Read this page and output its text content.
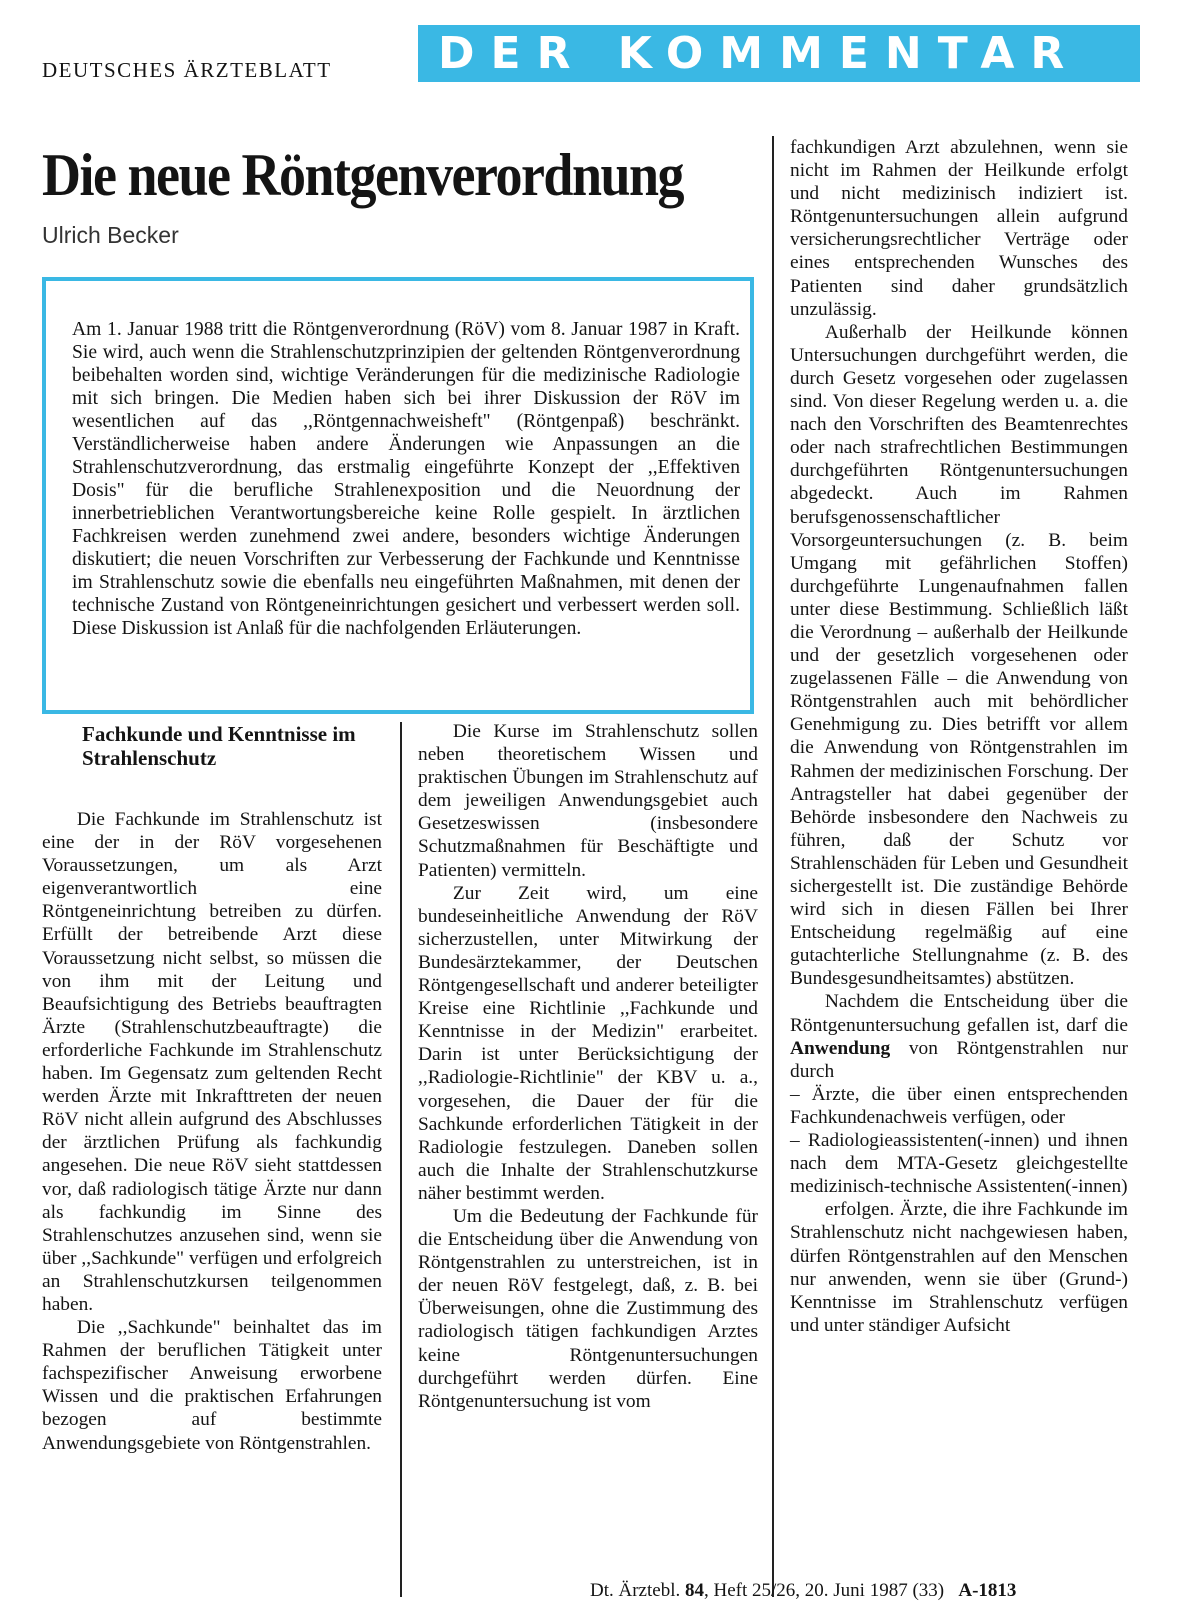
DEUTSCHES ÄRZTEBLATT DER KOMMENTAR
Die neue Röntgenverordnung
Ulrich Becker

Am 1. Januar 1988 tritt die Röntgenverordnung (RöV) vom 8. Januar 1987 in Kraft. Sie wird, auch wenn die Strahlenschutzprinzipien der geltenden Röntgenverordnung beibehalten worden sind, wichtige Veränderungen für die medizinische Radiologie mit sich bringen. Die Medien haben sich bei ihrer Diskussion der RöV im wesentlichen auf das ,,Röntgennachweisheft" (Röntgenpaß) beschränkt. Verständlicherweise haben andere Änderungen wie Anpassungen an die Strahlenschutzverordnung, das erstmalig eingeführte Konzept der ,,Effektiven Dosis" für die berufliche Strahlenexposition und die Neuordnung der innerbetrieblichen Verantwortungsbereiche keine Rolle gespielt. In ärztlichen Fachkreisen werden zunehmend zwei andere, besonders wichtige Änderungen diskutiert; die neuen Vorschriften zur Verbesserung der Fachkunde und Kenntnisse im Strahlenschutz sowie die ebenfalls neu eingeführten Maßnahmen, mit denen der technische Zustand von Röntgeneinrichtungen gesichert und verbessert werden soll. Diese Diskussion ist Anlaß für die nachfolgenden Erläuterungen.

Fachkunde und Kenntnisse im Strahlenschutz

Die Fachkunde im Strahlenschutz ist eine der in der RöV vorgesehenen Voraussetzungen, um als Arzt eigenverantwortlich eine Röntgeneinrichtung betreiben zu dürfen. Erfüllt der betreibende Arzt diese Voraussetzung nicht selbst, so müssen die von ihm mit der Leitung und Beaufsichtigung des Betriebs beauftragten Ärzte (Strahlenschutzbeauftragte) die erforderliche Fachkunde im Strahlenschutz haben. Im Gegensatz zum geltenden Recht werden Ärzte mit Inkrafttreten der neuen RöV nicht allein aufgrund des Abschlusses der ärztlichen Prüfung als fachkundig angesehen. Die neue RöV sieht stattdessen vor, daß radiologisch tätige Ärzte nur dann als fachkundig im Sinne des Strahlenschutzes anzusehen sind, wenn sie über ,,Sachkunde" verfügen und erfolgreich an Strahlenschutzkursen teilgenommen haben.

Die ,,Sachkunde" beinhaltet das im Rahmen der beruflichen Tätigkeit unter fachspezifischer Anweisung erworbene Wissen und die praktischen Erfahrungen bezogen auf bestimmte Anwendungsgebiete von Röntgenstrahlen.

Die Kurse im Strahlenschutz sollen neben theoretischem Wissen und praktischen Übungen im Strahlenschutz auf dem jeweiligen Anwendungsgebiet auch Gesetzeswissen (insbesondere Schutzmaßnahmen für Beschäftigte und Patienten) vermitteln.

Zur Zeit wird, um eine bundeseinheitliche Anwendung der RöV sicherzustellen, unter Mitwirkung der Bundesärztekammer, der Deutschen Röntgengesellschaft und anderer beteiligter Kreise eine Richtlinie ,,Fachkunde und Kenntnisse in der Medizin" erarbeitet. Darin ist unter Berücksichtigung der ,,Radiologie-Richtlinie" der KBV u. a., vorgesehen, die Dauer der für die Sachkunde erforderlichen Tätigkeit in der Radiologie festzulegen. Daneben sollen auch die Inhalte der Strahlenschutzkurse näher bestimmt werden.

Um die Bedeutung der Fachkunde für die Entscheidung über die Anwendung von Röntgenstrahlen zu unterstreichen, ist in der neuen RöV festgelegt, daß, z. B. bei Überweisungen, ohne die Zustimmung des radiologisch tätigen fachkundigen Arztes keine Röntgenuntersuchungen durchgeführt werden dürfen. Eine Röntgenuntersuchung ist vom

fachkundigen Arzt abzulehnen, wenn sie nicht im Rahmen der Heilkunde erfolgt und nicht medizinisch indiziert ist. Röntgenuntersuchungen allein aufgrund versicherungsrechtlicher Verträge oder eines entsprechenden Wunsches des Patienten sind daher grundsätzlich unzulässig.

Außerhalb der Heilkunde können Untersuchungen durchgeführt werden, die durch Gesetz vorgesehen oder zugelassen sind. Von dieser Regelung werden u. a. die nach den Vorschriften des Beamtenrechtes oder nach strafrechtlichen Bestimmungen durchgeführten Röntgenuntersuchungen abgedeckt. Auch im Rahmen berufsgenossenschaftlicher Vorsorgeuntersuchungen (z. B. beim Umgang mit gefährlichen Stoffen) durchgeführte Lungenaufnahmen fallen unter diese Bestimmung. Schließlich läßt die Verordnung – außerhalb der Heilkunde und der gesetzlich vorgesehenen oder zugelassenen Fälle – die Anwendung von Röntgenstrahlen auch mit behördlicher Genehmigung zu. Dies betrifft vor allem die Anwendung von Röntgenstrahlen im Rahmen der medizinischen Forschung. Der Antragsteller hat dabei gegenüber der Behörde insbesondere den Nachweis zu führen, daß der Schutz vor Strahlenschäden für Leben und Gesundheit sichergestellt ist. Die zuständige Behörde wird sich in diesen Fällen bei Ihrer Entscheidung regelmäßig auf eine gutachterliche Stellungnahme (z. B. des Bundesgesundheitsamtes) abstützen.

Nachdem die Entscheidung über die Röntgenuntersuchung gefallen ist, darf die Anwendung von Röntgenstrahlen nur durch

– Ärzte, die über einen entsprechenden Fachkundenachweis verfügen, oder

– Radiologieassistenten(-innen) und ihnen nach dem MTA-Gesetz gleichgestellte medizinisch-technische Assistenten(-innen)

erfolgen. Ärzte, die ihre Fachkunde im Strahlenschutz nicht nachgewiesen haben, dürfen Röntgenstrahlen auf den Menschen nur anwenden, wenn sie über (Grund-) Kenntnisse im Strahlenschutz verfügen und unter ständiger Aufsicht

Dt. Ärztebl. 84, Heft 25/26, 20. Juni 1987 (33) A-1813
